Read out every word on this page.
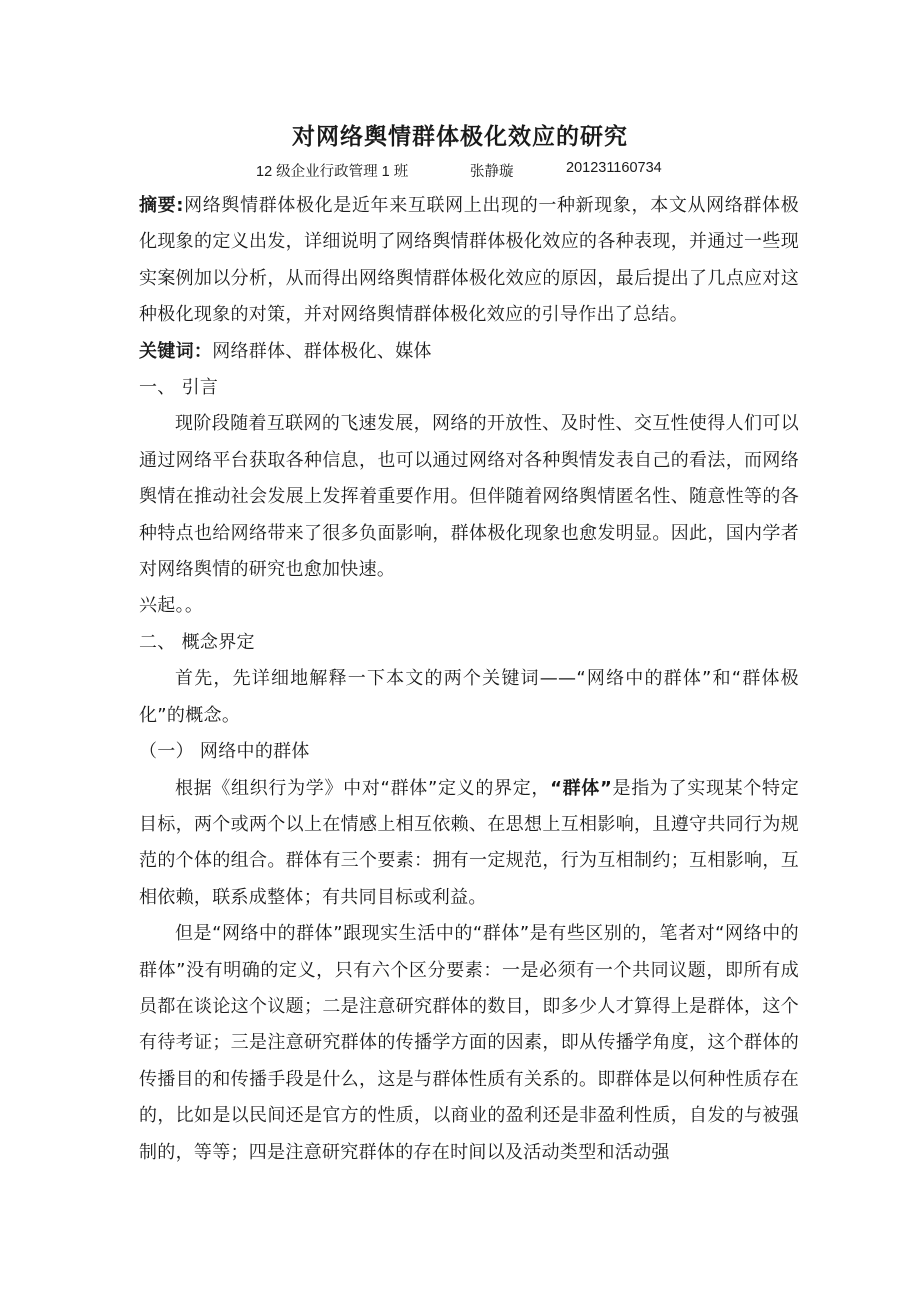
对网络舆情群体极化效应的研究
12 级企业行政管理 1 班	张静璇	201231160734

摘要:网络舆情群体极化是近年来互联网上出现的一种新现象，本文从网络群体极化现象的定义出发，详细说明了网络舆情群体极化效应的各种表现，并通过一些现实案例加以分析，从而得出网络舆情群体极化效应的原因，最后提出了几点应对这种极化现象的对策，并对网络舆情群体极化效应的引导作出了总结。

关键词：网络群体、群体极化、媒体

一、 引言

现阶段随着互联网的飞速发展，网络的开放性、及时性、交互性使得人们可以通过网络平台获取各种信息，也可以通过网络对各种舆情发表自己的看法，而网络舆情在推动社会发展上发挥着重要作用。但伴随着网络舆情匿名性、随意性等的各种特点也给网络带来了很多负面影响，群体极化现象也愈发明显。因此，国内学者对网络舆情的研究也愈加快速。

兴起。。

二、 概念界定

首先，先详细地解释一下本文的两个关键词——“网络中的群体”和“群体极化”的概念。

（一） 网络中的群体

根据《组织行为学》中对“群体”定义的界定，“群体”是指为了实现某个特定目标，两个或两个以上在情感上相互依赖、在思想上互相影响，且遵守共同行为规范的个体的组合。群体有三个要素：拥有一定规范，行为互相制约；互相影响，互相依赖，联系成整体；有共同目标或利益。

但是“网络中的群体”跟现实生活中的“群体”是有些区别的，笔者对“网络中的群体”没有明确的定义，只有六个区分要素：一是必须有一个共同议题，即所有成员都在谈论这个议题；二是注意研究群体的数目，即多少人才算得上是群体，这个有待考证；三是注意研究群体的传播学方面的因素，即从传播学角度，这个群体的传播目的和传播手段是什么，这是与群体性质有关系的。即群体是以何种性质存在的，比如是以民间还是官方的性质，以商业的盈利还是非盈利性质，自发的与被强制的，等等；四是注意研究群体的存在时间以及活动类型和活动强
